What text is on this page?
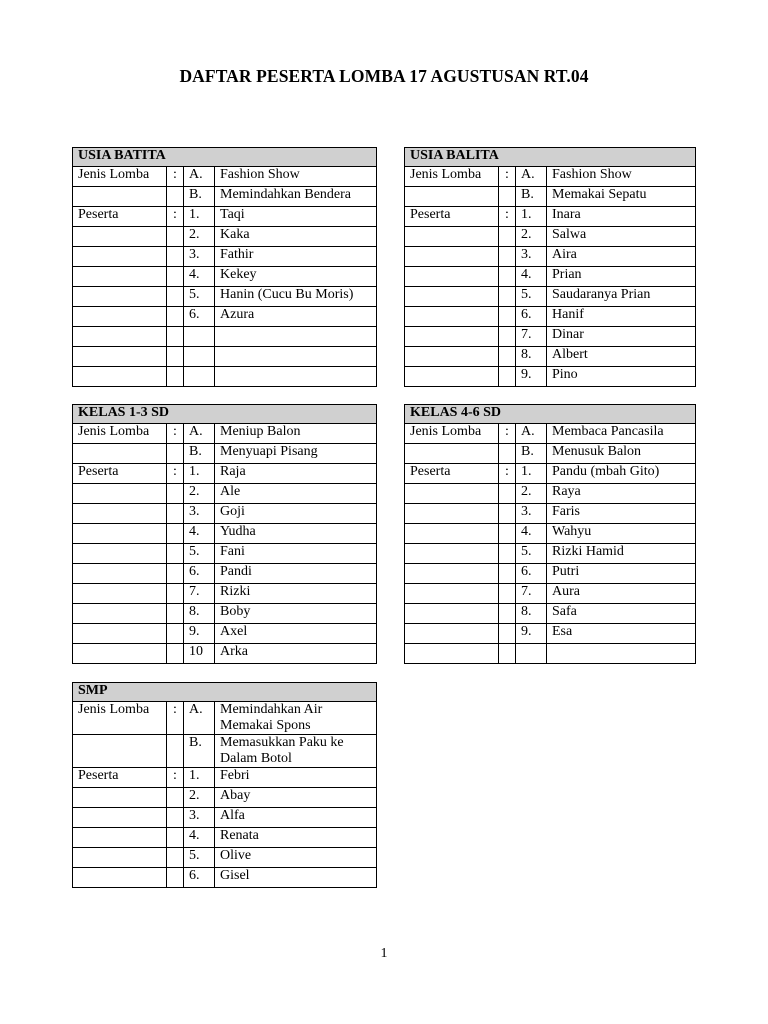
DAFTAR PESERTA LOMBA 17 AGUSTUSAN RT.04
USIA BATITA			
Jenis Lomba	:	A.	Fashion Show
		B.	Memindahkan Bendera
Peserta	:	1.	Taqi
		2.	Kaka
		3.	Fathir
		4.	Kekey
		5.	Hanin (Cucu Bu Moris)
		6.	Azura

USIA BALITA			
Jenis Lomba	:	A.	Fashion Show
		B.	Memakai Sepatu
Peserta	:	1.	Inara
		2.	Salwa
		3.	Aira
		4.	Prian
		5.	Saudaranya Prian
		6.	Hanif
		7.	Dinar
		8.	Albert
		9.	Pino
KELAS 1-3 SD			
Jenis Lomba	:	A.	Meniup Balon
		B.	Menyuapi Pisang
Peserta	:	1.	Raja
		2.	Ale
		3.	Goji
		4.	Yudha
		5.	Fani
		6.	Pandi
		7.	Rizki
		8.	Boby
		9.	Axel
		10	Arka
KELAS 4-6 SD			
Jenis Lomba	:	A.	Membaca Pancasila
		B.	Menusuk Balon
Peserta	:	1.	Pandu (mbah Gito)
		2.	Raya
		3.	Faris
		4.	Wahyu
		5.	Rizki Hamid
		6.	Putri
		7.	Aura
		8.	Safa
		9.	Esa

SMP			
Jenis Lomba	:	A.	Memindahkan Air Memakai Spons
		B.	Memasukkan Paku ke Dalam Botol
Peserta	:	1.	Febri
		2.	Abay
		3.	Alfa
		4.	Renata
		5.	Olive
		6.	Gisel
1
